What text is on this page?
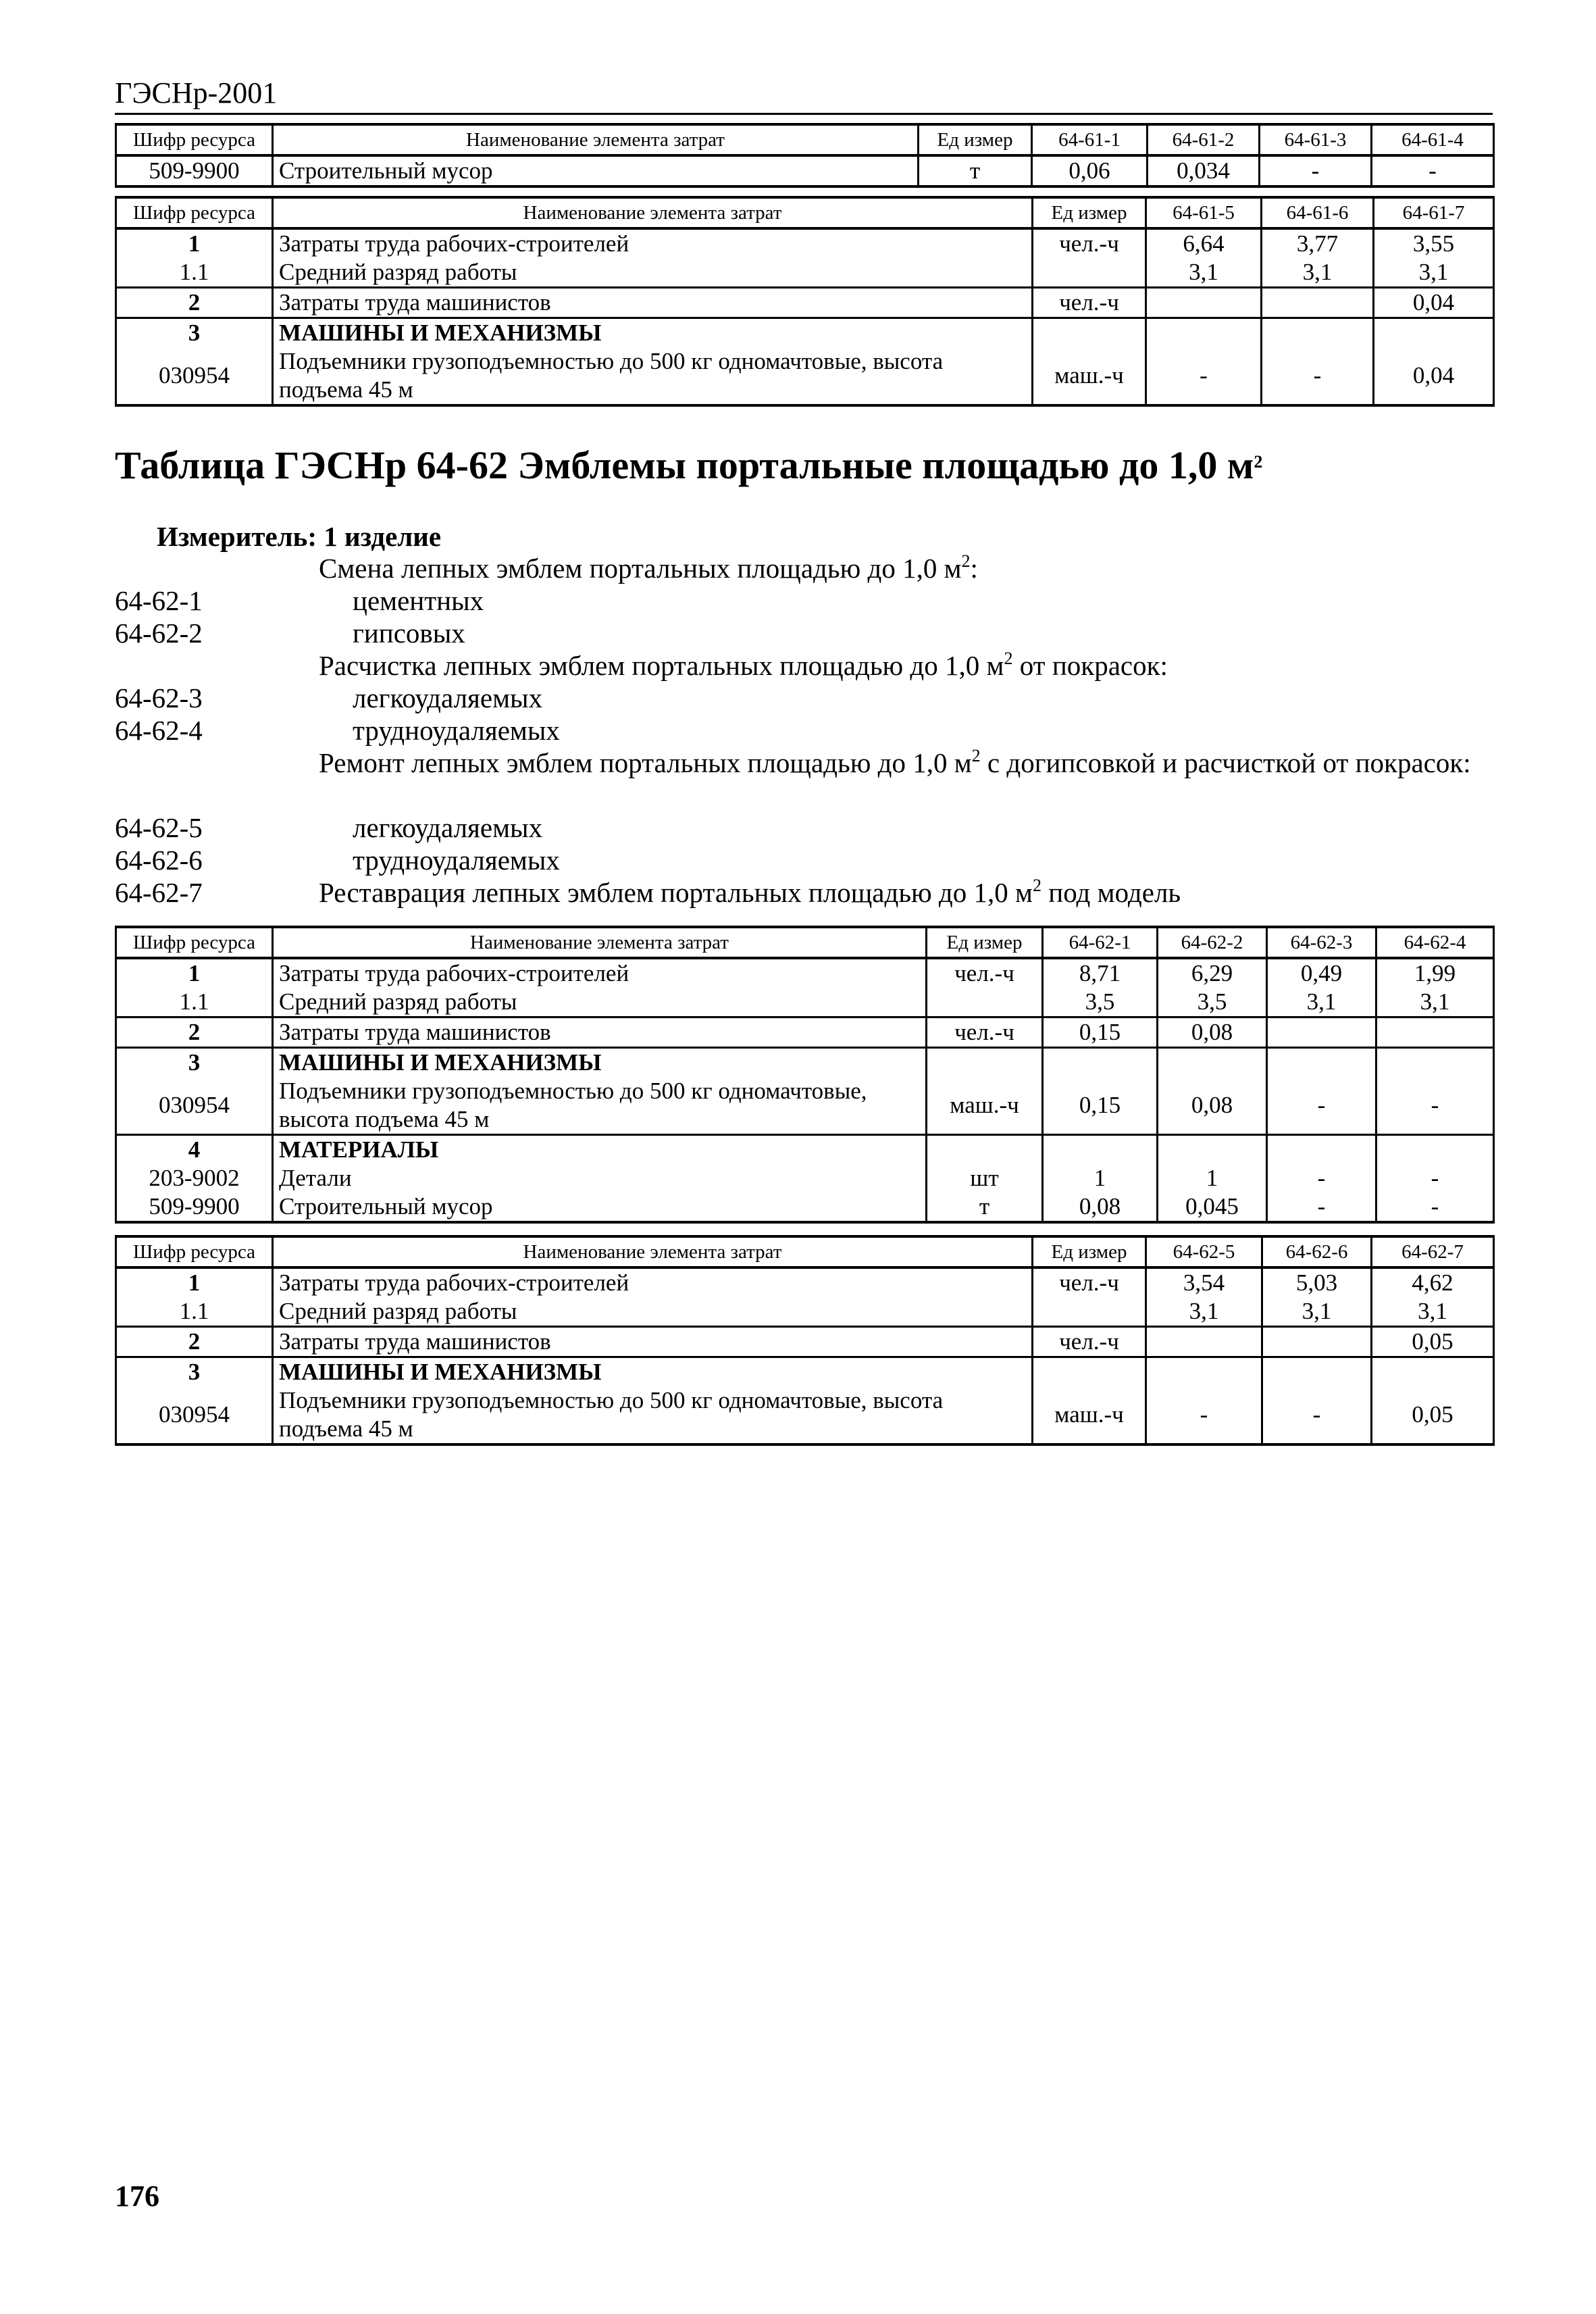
ГЭСНр-2001
Шифр ресурса	Наименование элемента затрат	Ед измер	64-61-1	64-61-2	64-61-3	64-61-4
509-9900	Строительный мусор	т	0,06	0,034	-	-
Шифр ресурса	Наименование элемента затрат	Ед измер	64-61-5	64-61-6	64-61-7
1	Затраты труда рабочих-строителей	чел.-ч	6,64	3,77	3,55
1.1	Средний разряд работы		3,1	3,1	3,1
2	Затраты труда машинистов	чел.-ч			0,04
3	МАШИНЫ И МЕХАНИЗМЫ				
030954	Подъемники грузоподъемностью до 500 кг одномачтовые, высота подъема 45 м	маш.-ч	-	-	0,04
Таблица ГЭСНр 64-62 Эмблемы портальные площадью до 1,0 $м^2$
Измеритель: 1 изделие
Смена лепных эмблем портальных площадью до 1,0 $м^2$:
64-62-1	цементных
64-62-2	гипсовых
Расчистка лепных эмблем портальных площадью до 1,0 $м^2$ от покрасок:
64-62-3	легкоудаляемых
64-62-4	трудноудаляемых
Ремонт лепных эмблем портальных площадью до 1,0 $м^2$ с догипсовкой и расчисткой от покрасок:
64-62-5	легкоудаляемых
64-62-6	трудноудаляемых
64-62-7	Реставрация лепных эмблем портальных площадью до 1,0 $м^2$ под модель
Шифр ресурса	Наименование элемента затрат	Ед измер	64-62-1	64-62-2	64-62-3	64-62-4
1	Затраты труда рабочих-строителей	чел.-ч	8,71	6,29	0,49	1,99
1.1	Средний разряд работы		3,5	3,5	3,1	3,1
2	Затраты труда машинистов	чел.-ч	0,15	0,08		
3	МАШИНЫ И МЕХАНИЗМЫ					
030954	Подъемники грузоподъемностью до 500 кг одномачтовые, высота подъема 45 м	маш.-ч	0,15	0,08	-	-
4	МАТЕРИАЛЫ					
203-9002	Детали	шт	1	1	-	-
509-9900	Строительный мусор	т	0,08	0,045	-	-
Шифр ресурса	Наименование элемента затрат	Ед измер	64-62-5	64-62-6	64-62-7
1	Затраты труда рабочих-строителей	чел.-ч	3,54	5,03	4,62
1.1	Средний разряд работы		3,1	3,1	3,1
2	Затраты труда машинистов	чел.-ч			0,05
3	МАШИНЫ И МЕХАНИЗМЫ				
030954	Подъемники грузоподъемностью до 500 кг одномачтовые, высота подъема 45 м	маш.-ч	-	-	0,05
176
